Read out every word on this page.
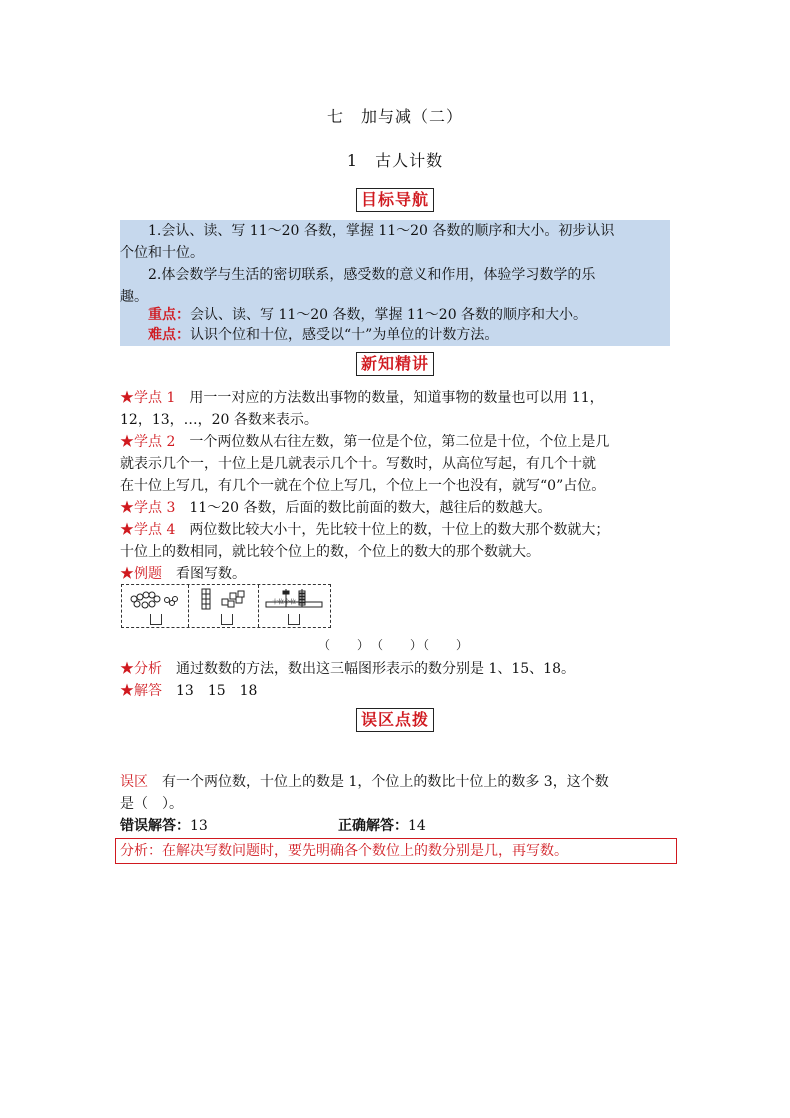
七　加与减（二）
1　古人计数
目标导航
1.会认、读、写 11～20 各数，掌握 11～20 各数的顺序和大小。初步认识
个位和十位。
2.体会数学与生活的密切联系，感受数的意义和作用，体验学习数学的乐
趣。
重点：会认、读、写 11～20 各数，掌握 11～20 各数的顺序和大小。
难点：认识个位和十位，感受以“十”为单位的计数方法。
新知精讲
★学点 1　 用一一对应的方法数出事物的数量，知道事物的数量也可以用 11，
12，13，…，20 各数来表示。
★学点 2　 一个两位数从右往左数，第一位是个位，第二位是十位，个位上是几
就表示几个一，十位上是几就表示几个十。写数时，从高位写起，有几个十就
在十位上写几，有几个一就在个位上写几，个位上一个也没有，就写“0”占位。
★学点 3　 11～20 各数，后面的数比前面的数大，越往后的数越大。
★学点 4　 两位数比较大小十，先比较十位上的数，十位上的数大那个数就大；
十位上的数相同，就比较个位上的数，个位上的数大的那个数就大。
★例题　 看图写数。
十位个位
（　　）　（　　）（　　）
★分析　 通过数数的方法，数出这三幅图形表示的数分别是 1、15、18。
★解答　 13　15　18
误区点拨
误区　 有一个两位数，十位上的数是 1，个位上的数比十位上的数多 3，这个数
是（　）。
错误解答：13	正确解答：14
分析：在解决写数问题时，要先明确各个数位上的数分别是几，再写数。
